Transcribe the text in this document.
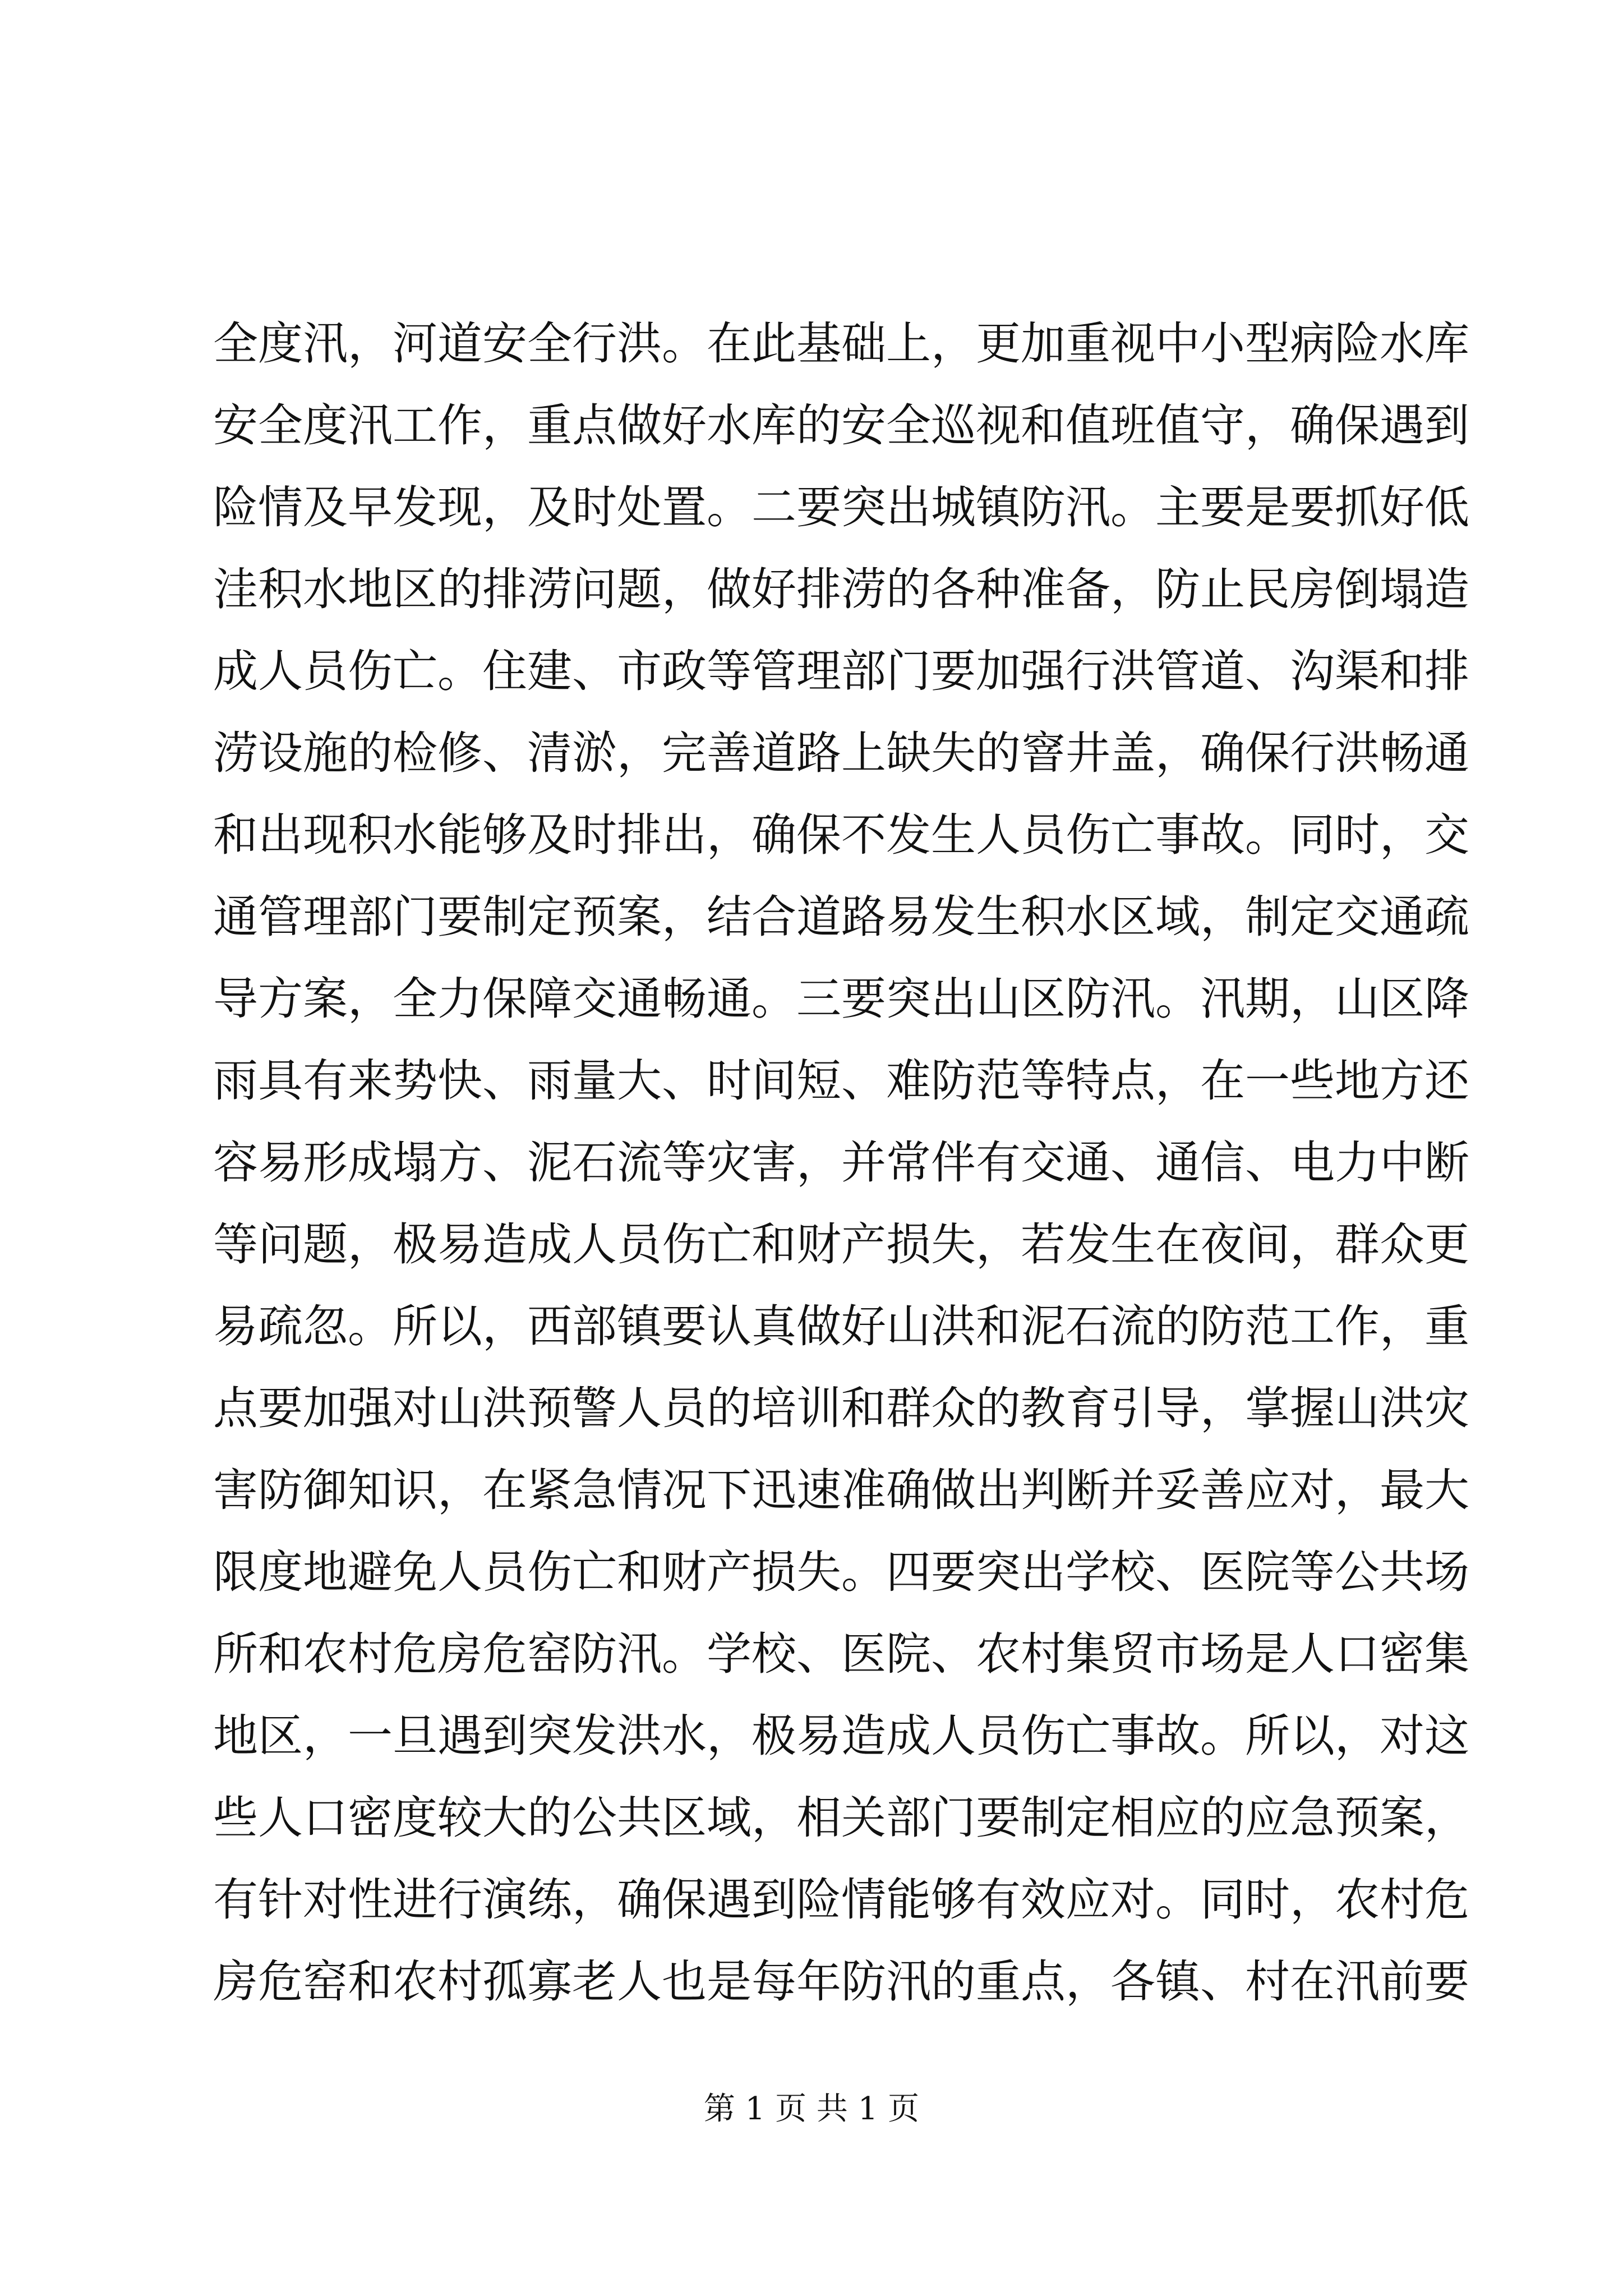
全度汛，河道安全行洪。在此基础上，更加重视中小型病险水库
安全度汛工作，重点做好水库的安全巡视和值班值守，确保遇到
险情及早发现，及时处置。二要突出城镇防汛。主要是要抓好低
洼积水地区的排涝问题，做好排涝的各种准备，防止民房倒塌造
成人员伤亡。住建、市政等管理部门要加强行洪管道、沟渠和排
涝设施的检修、清淤，完善道路上缺失的窨井盖，确保行洪畅通
和出现积水能够及时排出，确保不发生人员伤亡事故。同时，交
通管理部门要制定预案，结合道路易发生积水区域，制定交通疏
导方案，全力保障交通畅通。三要突出山区防汛。汛期，山区降
雨具有来势快、雨量大、时间短、难防范等特点，在一些地方还
容易形成塌方、泥石流等灾害，并常伴有交通、通信、电力中断
等问题，极易造成人员伤亡和财产损失，若发生在夜间，群众更
易疏忽。所以，西部镇要认真做好山洪和泥石流的防范工作，重
点要加强对山洪预警人员的培训和群众的教育引导，掌握山洪灾
害防御知识，在紧急情况下迅速准确做出判断并妥善应对，最大
限度地避免人员伤亡和财产损失。四要突出学校、医院等公共场
所和农村危房危窑防汛。学校、医院、农村集贸市场是人口密集
地区，一旦遇到突发洪水，极易造成人员伤亡事故。所以，对这
些人口密度较大的公共区域，相关部门要制定相应的应急预案，
有针对性进行演练，确保遇到险情能够有效应对。同时，农村危
房危窑和农村孤寡老人也是每年防汛的重点，各镇、村在汛前要
第 1 页 共 1 页
